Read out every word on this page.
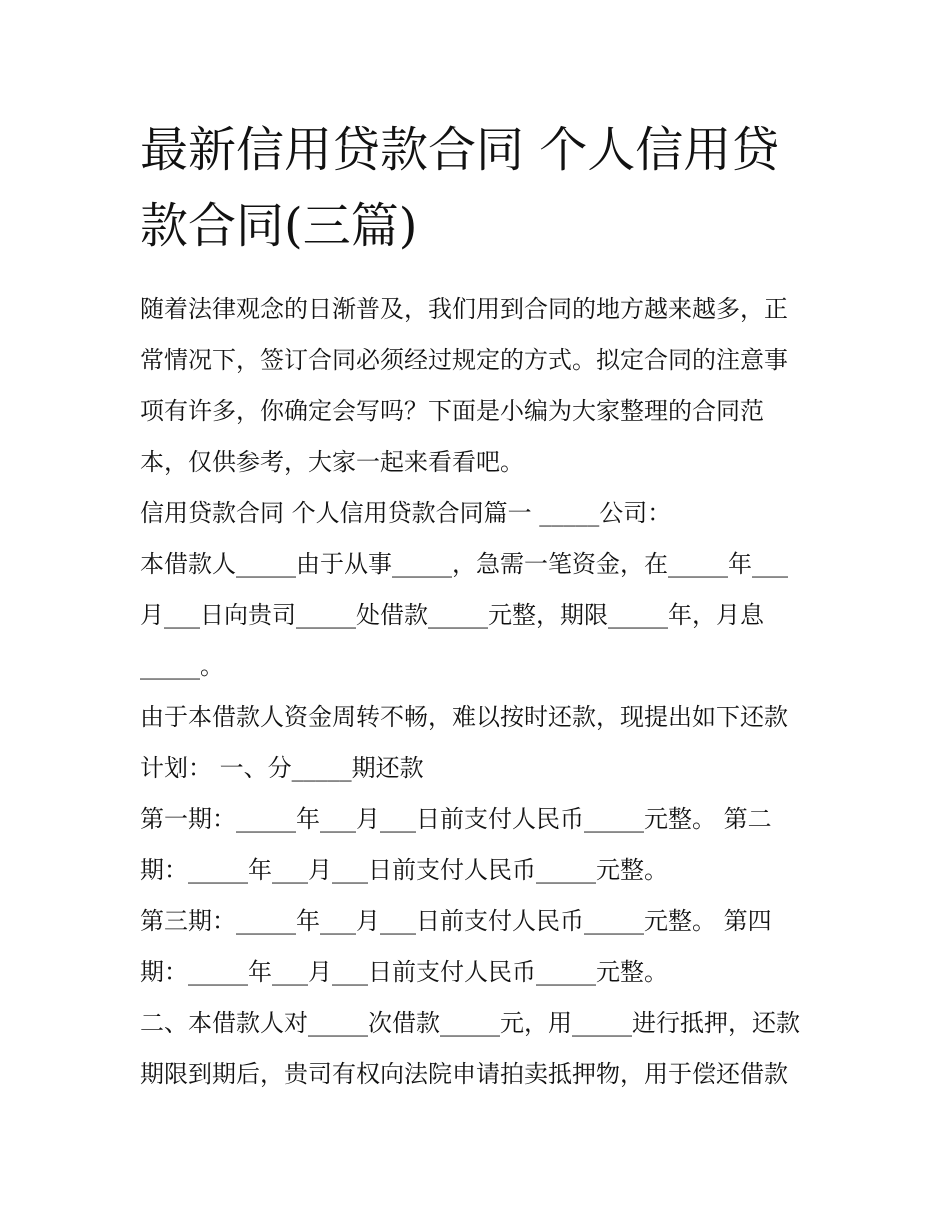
最新信用贷款合同 个人信用贷
款合同(三篇)

随着法律观念的日渐普及，我们用到合同的地方越来越多，正
常情况下，签订合同必须经过规定的方式。拟定合同的注意事
项有许多，你确定会写吗？下面是小编为大家整理的合同范
本，仅供参考，大家一起来看看吧。

信用贷款合同 个人信用贷款合同篇一 _____公司：

本借款人_____由于从事_____，急需一笔资金，在_____年___
月___日向贵司_____处借款_____元整，期限_____年，月息
_____。

由于本借款人资金周转不畅，难以按时还款，现提出如下还款
计划： 一、分_____期还款

第一期：_____年___月___日前支付人民币_____元整。 第二
期：_____年___月___日前支付人民币_____元整。

第三期：_____年___月___日前支付人民币_____元整。 第四
期：_____年___月___日前支付人民币_____元整。

二、本借款人对_____次借款_____元，用_____进行抵押，还款
期限到期后，贵司有权向法院申请拍卖抵押物，用于偿还借款
